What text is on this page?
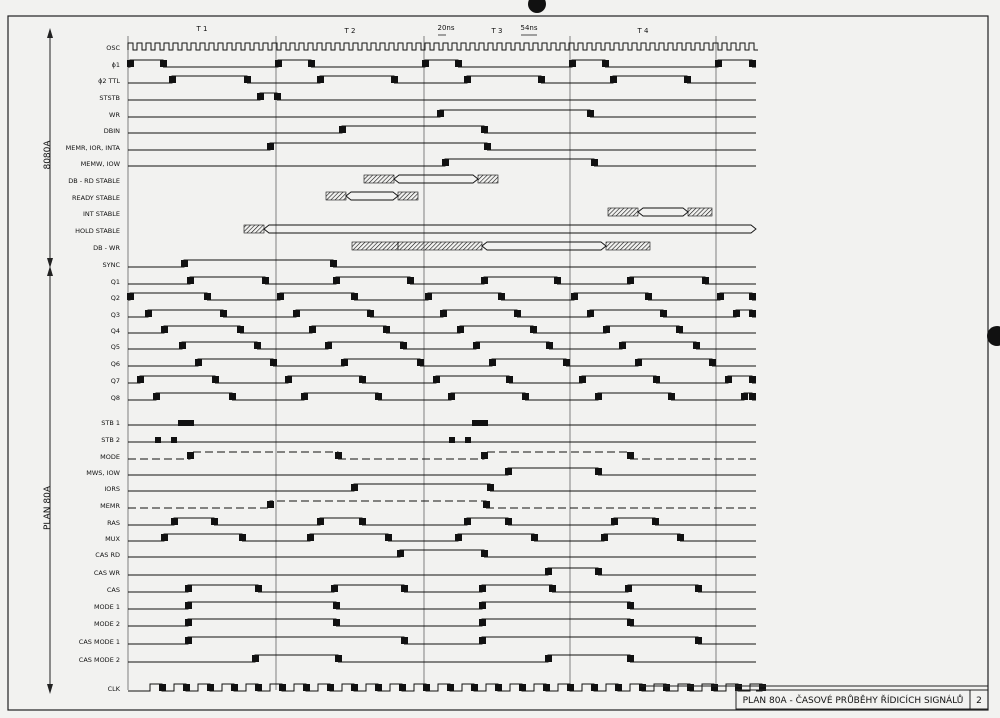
8080A
PLAN 80A
T 1	T 2	T 3	T 4
20ns	54ns
OSC
ϕ1
ϕ2 TTL
STSTB
WR
DBIN
MEMR, IOR, INTA
MEMW, IOW
DB - RD STABLE
READY STABLE
INT STABLE
HOLD STABLE
DB - WR
SYNC
Q1
Q2
Q3
Q4
Q5
Q6
Q7
Q8
STB 1
STB 2
MODE
MWS, IOW
IORS
MEMR
RAS
MUX
CAS RD
CAS WR
CAS
MODE 1
MODE 2
CAS MODE 1
CAS MODE 2
CLK
PLAN 80A - ČASOVÉ PRŮBĚHY ŘÍDICÍCH SIGNÁLŮ 2
